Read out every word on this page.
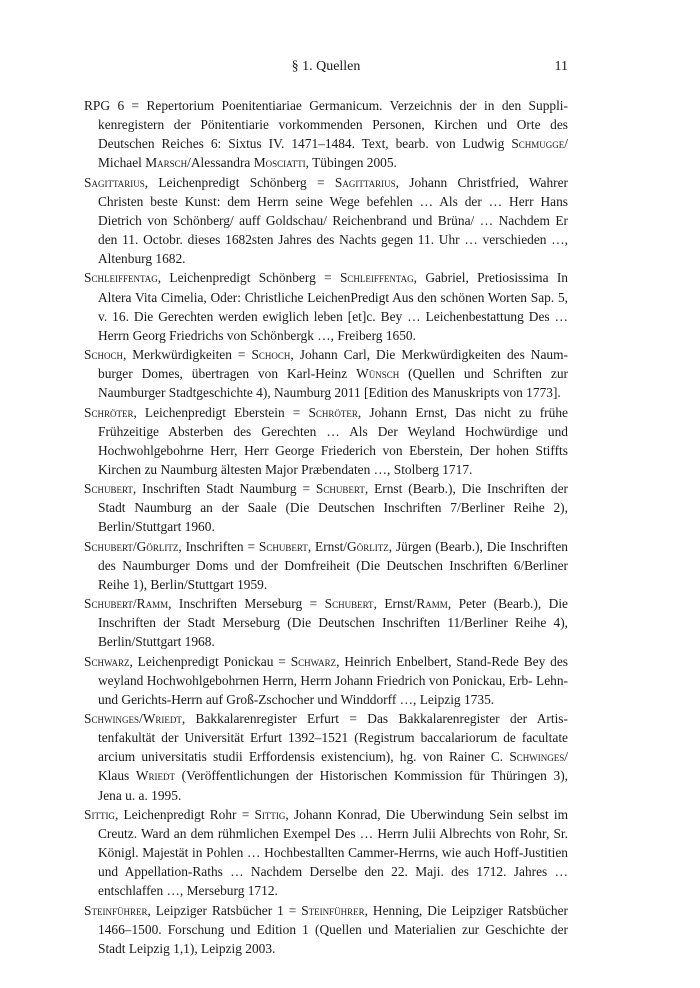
§ 1. Quellen	11
RPG 6 = Repertorium Poenitentiariae Germanicum. Verzeichnis der in den Supplikenregistern der Pönitentiarie vorkommenden Personen, Kirchen und Orte des Deutschen Reiches 6: Sixtus IV. 1471–1484. Text, bearb. von Ludwig Schmugge/ Michael Marsch/Alessandra Mosciatti, Tübingen 2005.
Sagittarius, Leichenpredigt Schönberg = Sagittarius, Johann Christfried, Wahrer Christen beste Kunst: dem Herrn seine Wege befehlen … Als der … Herr Hans Dietrich von Schönberg/ auff Goldschau/ Reichenbrand und Brüna/ … Nachdem Er den 11. Octobr. dieses 1682sten Jahres des Nachts gegen 11. Uhr … verschieden …, Altenburg 1682.
Schleiffentag, Leichenpredigt Schönberg = Schleiffentag, Gabriel, Pretiosissima In Altera Vita Cimelia, Oder: Christliche LeichenPredigt Aus den schönen Worten Sap. 5, v. 16. Die Gerechten werden ewiglich leben [et]c. Bey … Leichenbestattung Des … Herrn Georg Friedrichs von Schönbergk …, Freiberg 1650.
Schoch, Merkwürdigkeiten = Schoch, Johann Carl, Die Merkwürdigkeiten des Naumburger Domes, übertragen von Karl-Heinz Wünsch (Quellen und Schriften zur Naumburger Stadtgeschichte 4), Naumburg 2011 [Edition des Manuskripts von 1773].
Schröter, Leichenpredigt Eberstein = Schröter, Johann Ernst, Das nicht zu frühe Frühzeitige Absterben des Gerechten … Als Der Weyland Hochwürdige und Hochwohlgebohrne Herr, Herr George Friederich von Eberstein, Der hohen Stiffts Kirchen zu Naumburg ältesten Major Præbendaten …, Stolberg 1717.
Schubert, Inschriften Stadt Naumburg = Schubert, Ernst (Bearb.), Die Inschriften der Stadt Naumburg an der Saale (Die Deutschen Inschriften 7/Berliner Reihe 2), Berlin/Stuttgart 1960.
Schubert/Görlitz, Inschriften = Schubert, Ernst/Görlitz, Jürgen (Bearb.), Die Inschriften des Naumburger Doms und der Domfreiheit (Die Deutschen Inschriften 6/Berliner Reihe 1), Berlin/Stuttgart 1959.
Schubert/Ramm, Inschriften Merseburg = Schubert, Ernst/Ramm, Peter (Bearb.), Die Inschriften der Stadt Merseburg (Die Deutschen Inschriften 11/Berliner Reihe 4), Berlin/Stuttgart 1968.
Schwarz, Leichenpredigt Ponickau = Schwarz, Heinrich Enbelbert, Stand-Rede Bey des weyland Hochwohlgebohrnen Herrn, Herrn Johann Friedrich von Ponickau, Erb- Lehn- und Gerichts-Herrn auf Groß-Zschocher und Winddorff …, Leipzig 1735.
Schwinges/Wriedt, Bakkalarenregister Erfurt = Das Bakkalarenregister der Artistenfakultät der Universität Erfurt 1392–1521 (Registrum baccalariorum de facultate arcium universitatis studii Erffordensis existencium), hg. von Rainer C. Schwinges/ Klaus Wriedt (Veröffentlichungen der Historischen Kommission für Thüringen 3), Jena u. a. 1995.
Sittig, Leichenpredigt Rohr = Sittig, Johann Konrad, Die Uberwindung Sein selbst im Creutz. Ward an dem rühmlichen Exempel Des … Herrn Julii Albrechts von Rohr, Sr. Königl. Majestät in Pohlen … Hochbestallten Cammer-Herrns, wie auch Hoff-Justitien und Appellation-Raths … Nachdem Derselbe den 22. Maji. des 1712. Jahres … entschlaffen …, Merseburg 1712.
Steinführer, Leipziger Ratsbücher 1 = Steinführer, Henning, Die Leipziger Ratsbücher 1466–1500. Forschung und Edition 1 (Quellen und Materialien zur Geschichte der Stadt Leipzig 1,1), Leipzig 2003.
